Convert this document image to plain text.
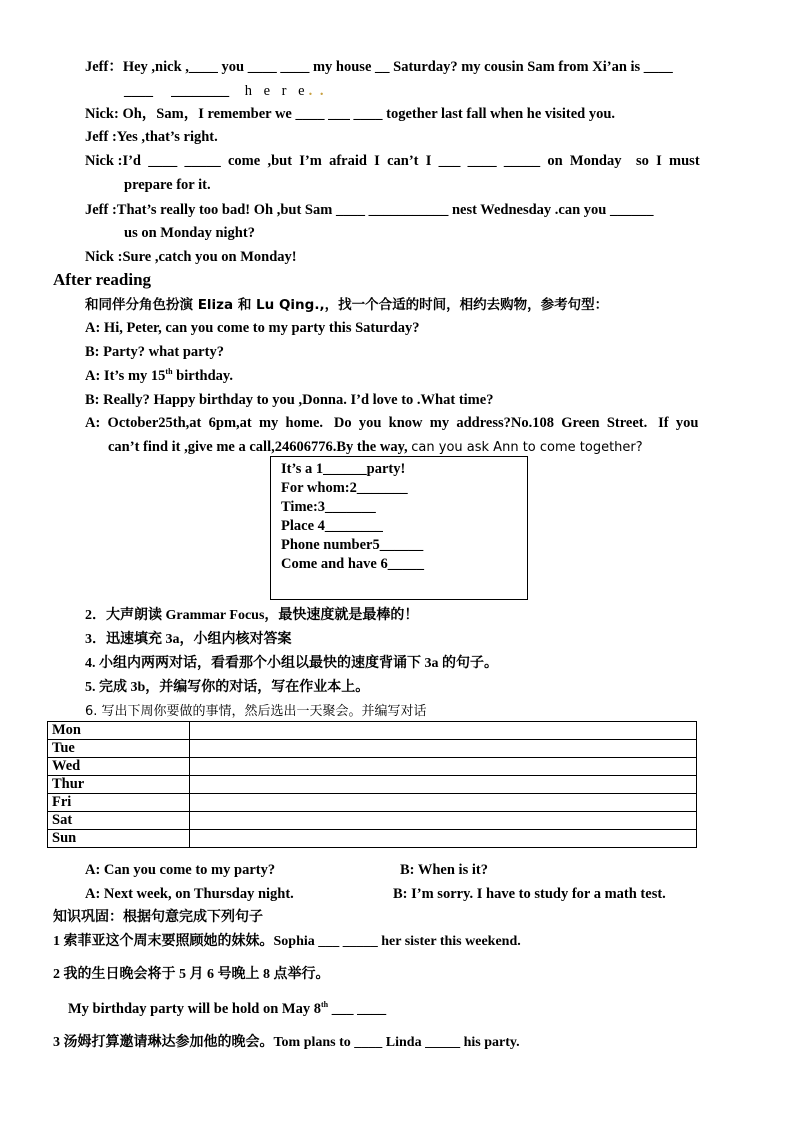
Jeff：Hey ,nick ,____ you ____ ____ my house __ Saturday? my cousin Sam from Xi’an is ____
____     ________ h e r e. .
Nick: Oh，Sam，I remember we ____ ___ ____ together last fall when he visited you.
Jeff :Yes ,that’s right.
Nick :I’d  ____  _____  come  ,but  I’m  afraid  I  can’t  I  ___  ____  _____  on  Monday    so  I  must
prepare for it.
Jeff :That’s really too bad! Oh ,but Sam ____ ___________ nest Wednesday .can you ______
us on Monday night?
Nick :Sure ,catch you on Monday!
After reading
和同伴分角色扮演 Eliza 和 Lu Qing.,，找一个合适的时间，相约去购物，参考句型：
A: Hi, Peter, can you come to my party this Saturday?
B: Party? what party?
A: It’s my 15th birthday.
B: Really? Happy birthday to you ,Donna. I’d love to .What time?
A:  October25th,at  6pm,at  my  home.   Do  you  know  my  address?No.108  Green  Street.   If  you
can’t find it ,give me a call,24606776.By the way, can you ask Ann to come together?
It’s a 1______party!
For whom:2_______
Time:3_______
Place 4________
Phone number5______
Come and have 6_____
2．大声朗读 Grammar Focus，最快速度就是最棒的！
3．迅速填充 3a，小组内核对答案
4. 小组内两两对话，看看那个小组以最快的速度背诵下 3a 的句子。
5. 完成 3b，并编写你的对话，写在作业本上。
6. 写出下周你要做的事情，然后选出一天聚会。并编写对话
Mon	
Tue	
Wed	
Thur	
Fri	
Sat	
Sun	
A: Can you come to my party?	B: When is it?
A: Next week, on Thursday night.	B: I’m sorry. I have to study for a math test.
知识巩固：根据句意完成下列句子
1 索菲亚这个周末要照顾她的妹妹。Sophia ___ _____ her sister this weekend.
2 我的生日晚会将于 5 月 6 号晚上 8 点举行。
My birthday party will be hold on May 8th ___ ____
3 汤姆打算邀请琳达参加他的晚会。Tom plans to ____ Linda _____ his party.
